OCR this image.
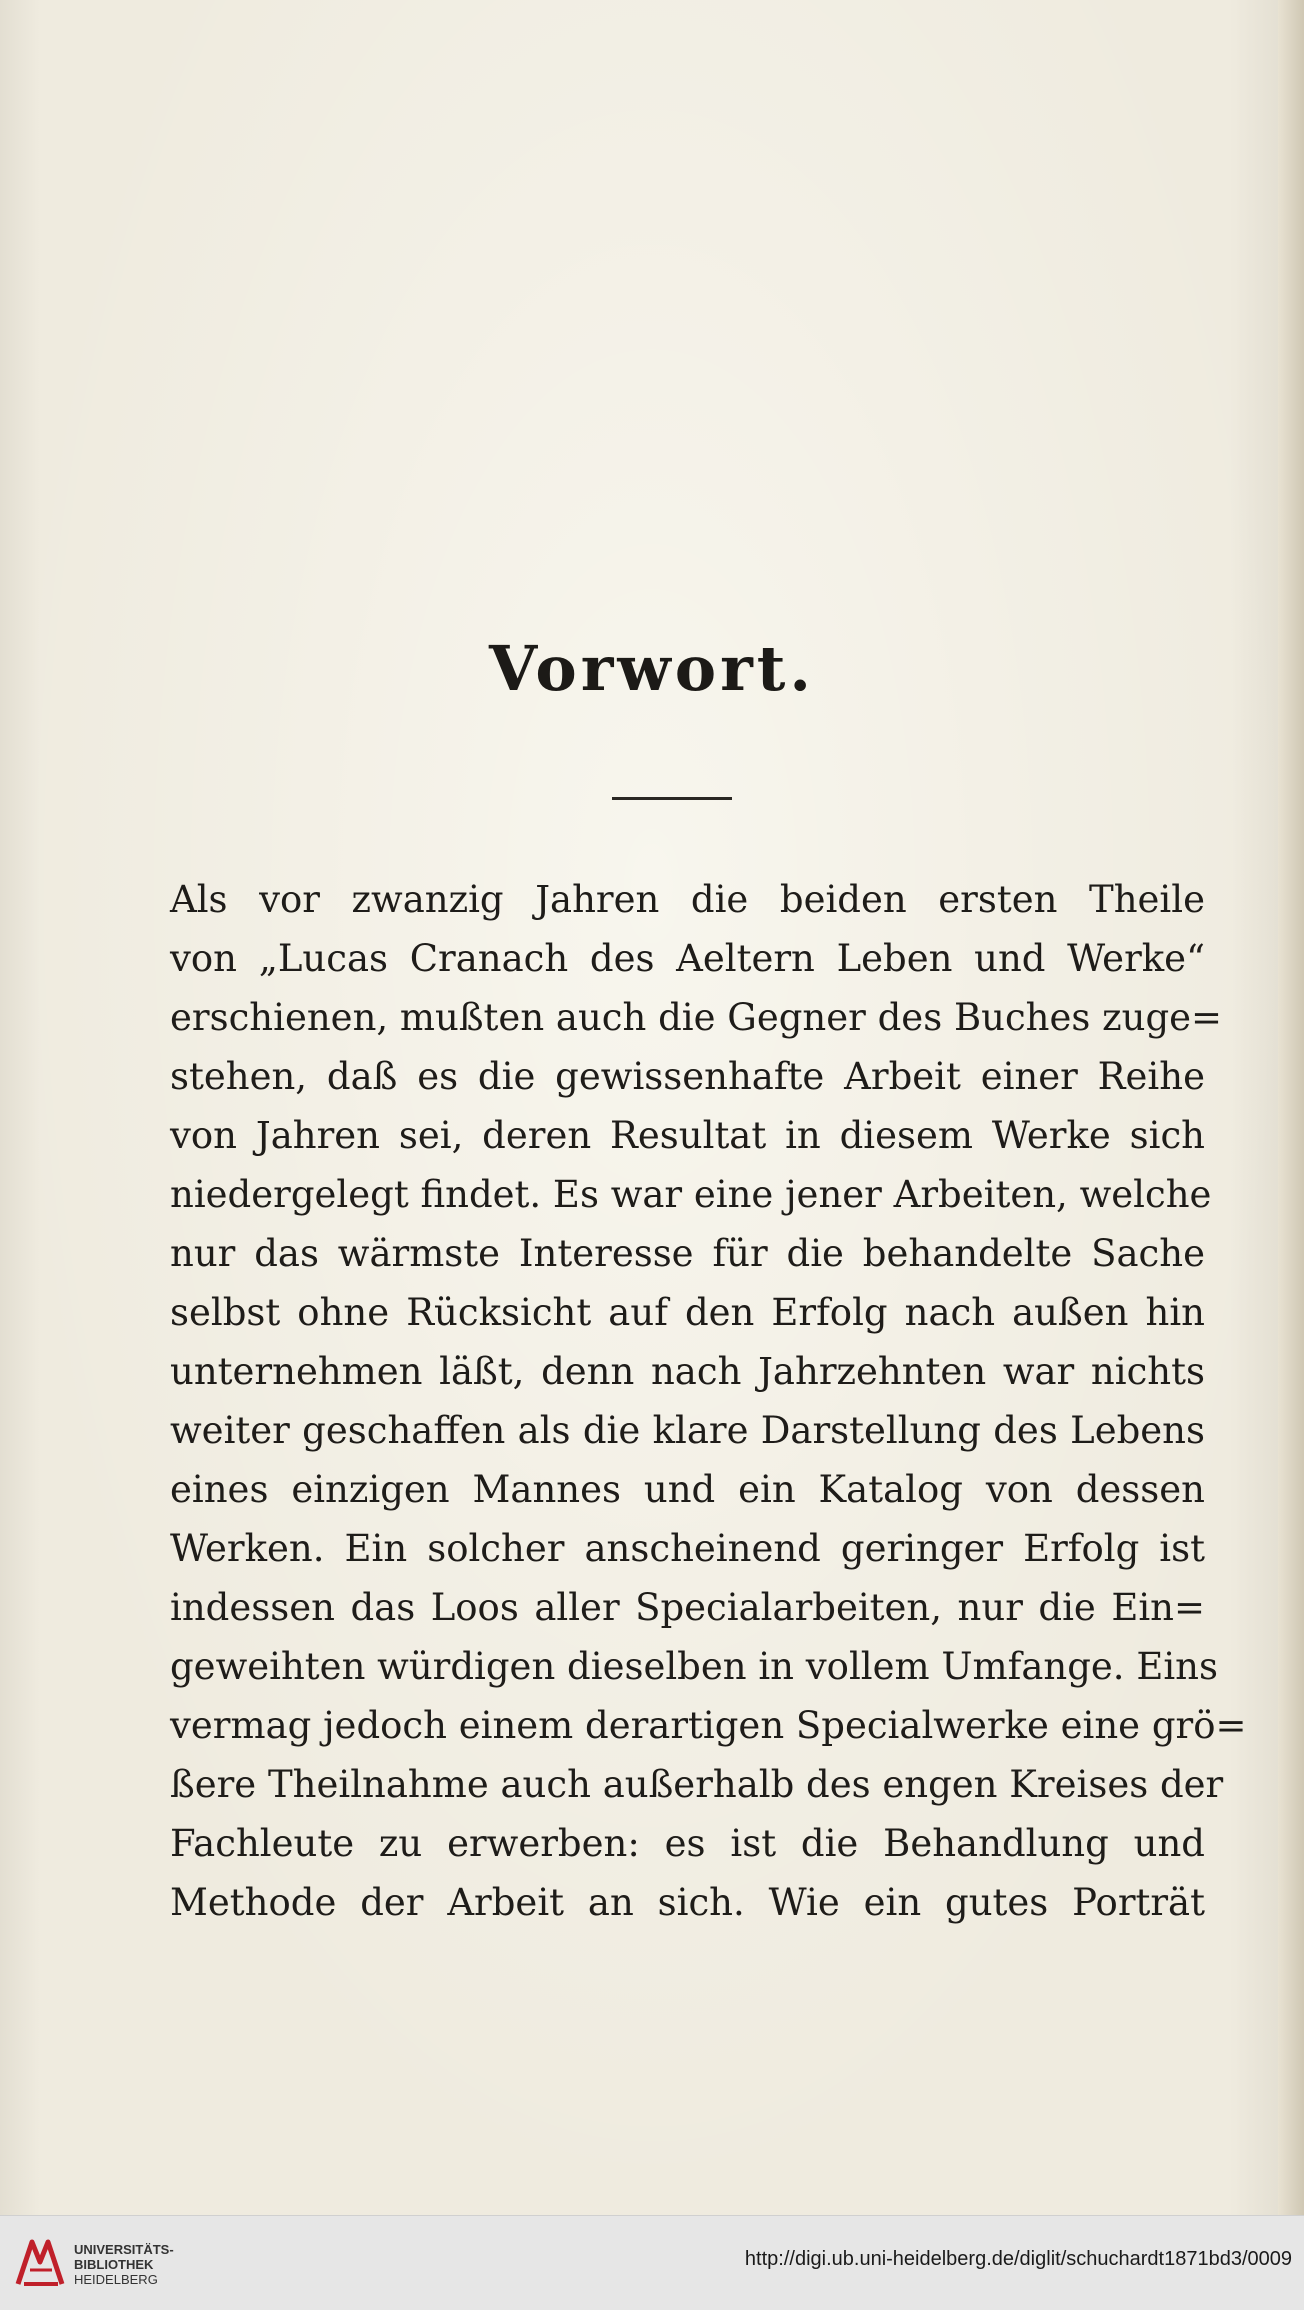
Vorwort.
Als vor zwanzig Jahren die beiden ersten Theile
von „Lucas Cranach des Aeltern Leben und Werke“
erschienen, mußten auch die Gegner des Buches zuge=
stehen, daß es die gewissenhafte Arbeit einer Reihe
von Jahren sei, deren Resultat in diesem Werke sich
niedergelegt findet. Es war eine jener Arbeiten, welche
nur das wärmste Interesse für die behandelte Sache
selbst ohne Rücksicht auf den Erfolg nach außen hin
unternehmen läßt, denn nach Jahrzehnten war nichts
weiter geschaffen als die klare Darstellung des Lebens
eines einzigen Mannes und ein Katalog von dessen
Werken. Ein solcher anscheinend geringer Erfolg ist
indessen das Loos aller Specialarbeiten, nur die Ein=
geweihten würdigen dieselben in vollem Umfange. Eins
vermag jedoch einem derartigen Specialwerke eine grö=
ßere Theilnahme auch außerhalb des engen Kreises der
Fachleute zu erwerben: es ist die Behandlung und
Methode der Arbeit an sich. Wie ein gutes Porträt
UNIVERSITÄTS-
BIBLIOTHEK
HEIDELBERG
http://digi.ub.uni-heidelberg.de/diglit/schuchardt1871bd3/0009
